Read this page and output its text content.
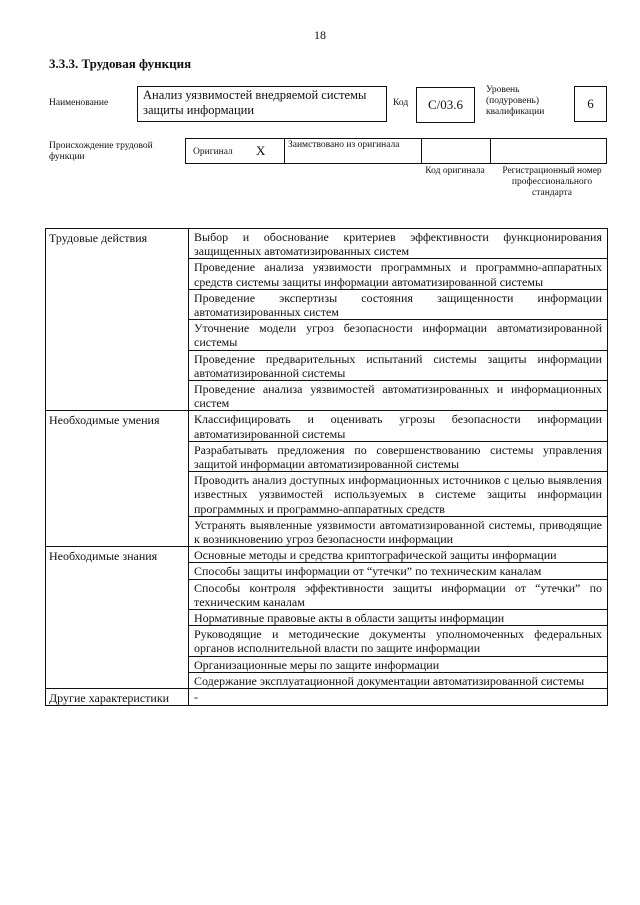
18
3.3.3. Трудовая функция
Наименование
Анализ уязвимостей внедряемой системы защиты информации	Код С/03.6
Уровень (подуровень) квалификации
6
Происхождение трудовой функции	Оригинал X Заимствовано из оригинала
Код оригинала	Регистрационный номер профессионального стандарта
Трудовые действия	Выбор и обоснование критериев эффективности функционирования защищенных автоматизированных систем
	Проведение анализа уязвимости программных и программно-аппаратных средств системы защиты информации автоматизированной системы
	Проведение экспертизы состояния защищенности информации автоматизированных систем
	Уточнение модели угроз безопасности информации автоматизированной системы
	Проведение предварительных испытаний системы защиты информации автоматизированной системы
	Проведение анализа уязвимостей автоматизированных и информационных систем
Необходимые умения	Классифицировать и оценивать угрозы безопасности информации автоматизированной системы
	Разрабатывать предложения по совершенствованию системы управления защитой информации автоматизированной системы
	Проводить анализ доступных информационных источников с целью выявления известных уязвимостей используемых в системе защиты информации программных и программно-аппаратных средств
	Устранять выявленные уязвимости автоматизированной системы, приводящие к возникновению угроз безопасности информации
Необходимые знания	Основные методы и средства криптографической защиты информации
	Способы защиты информации от “утечки” по техническим каналам
	Способы контроля эффективности защиты информации от “утечки” по техническим каналам
	Нормативные правовые акты в области защиты информации
	Руководящие и методические документы уполномоченных федеральных органов исполнительной власти по защите информации
	Организационные меры по защите информации
	Содержание эксплуатационной документации автоматизированной системы
Другие характеристики	-
